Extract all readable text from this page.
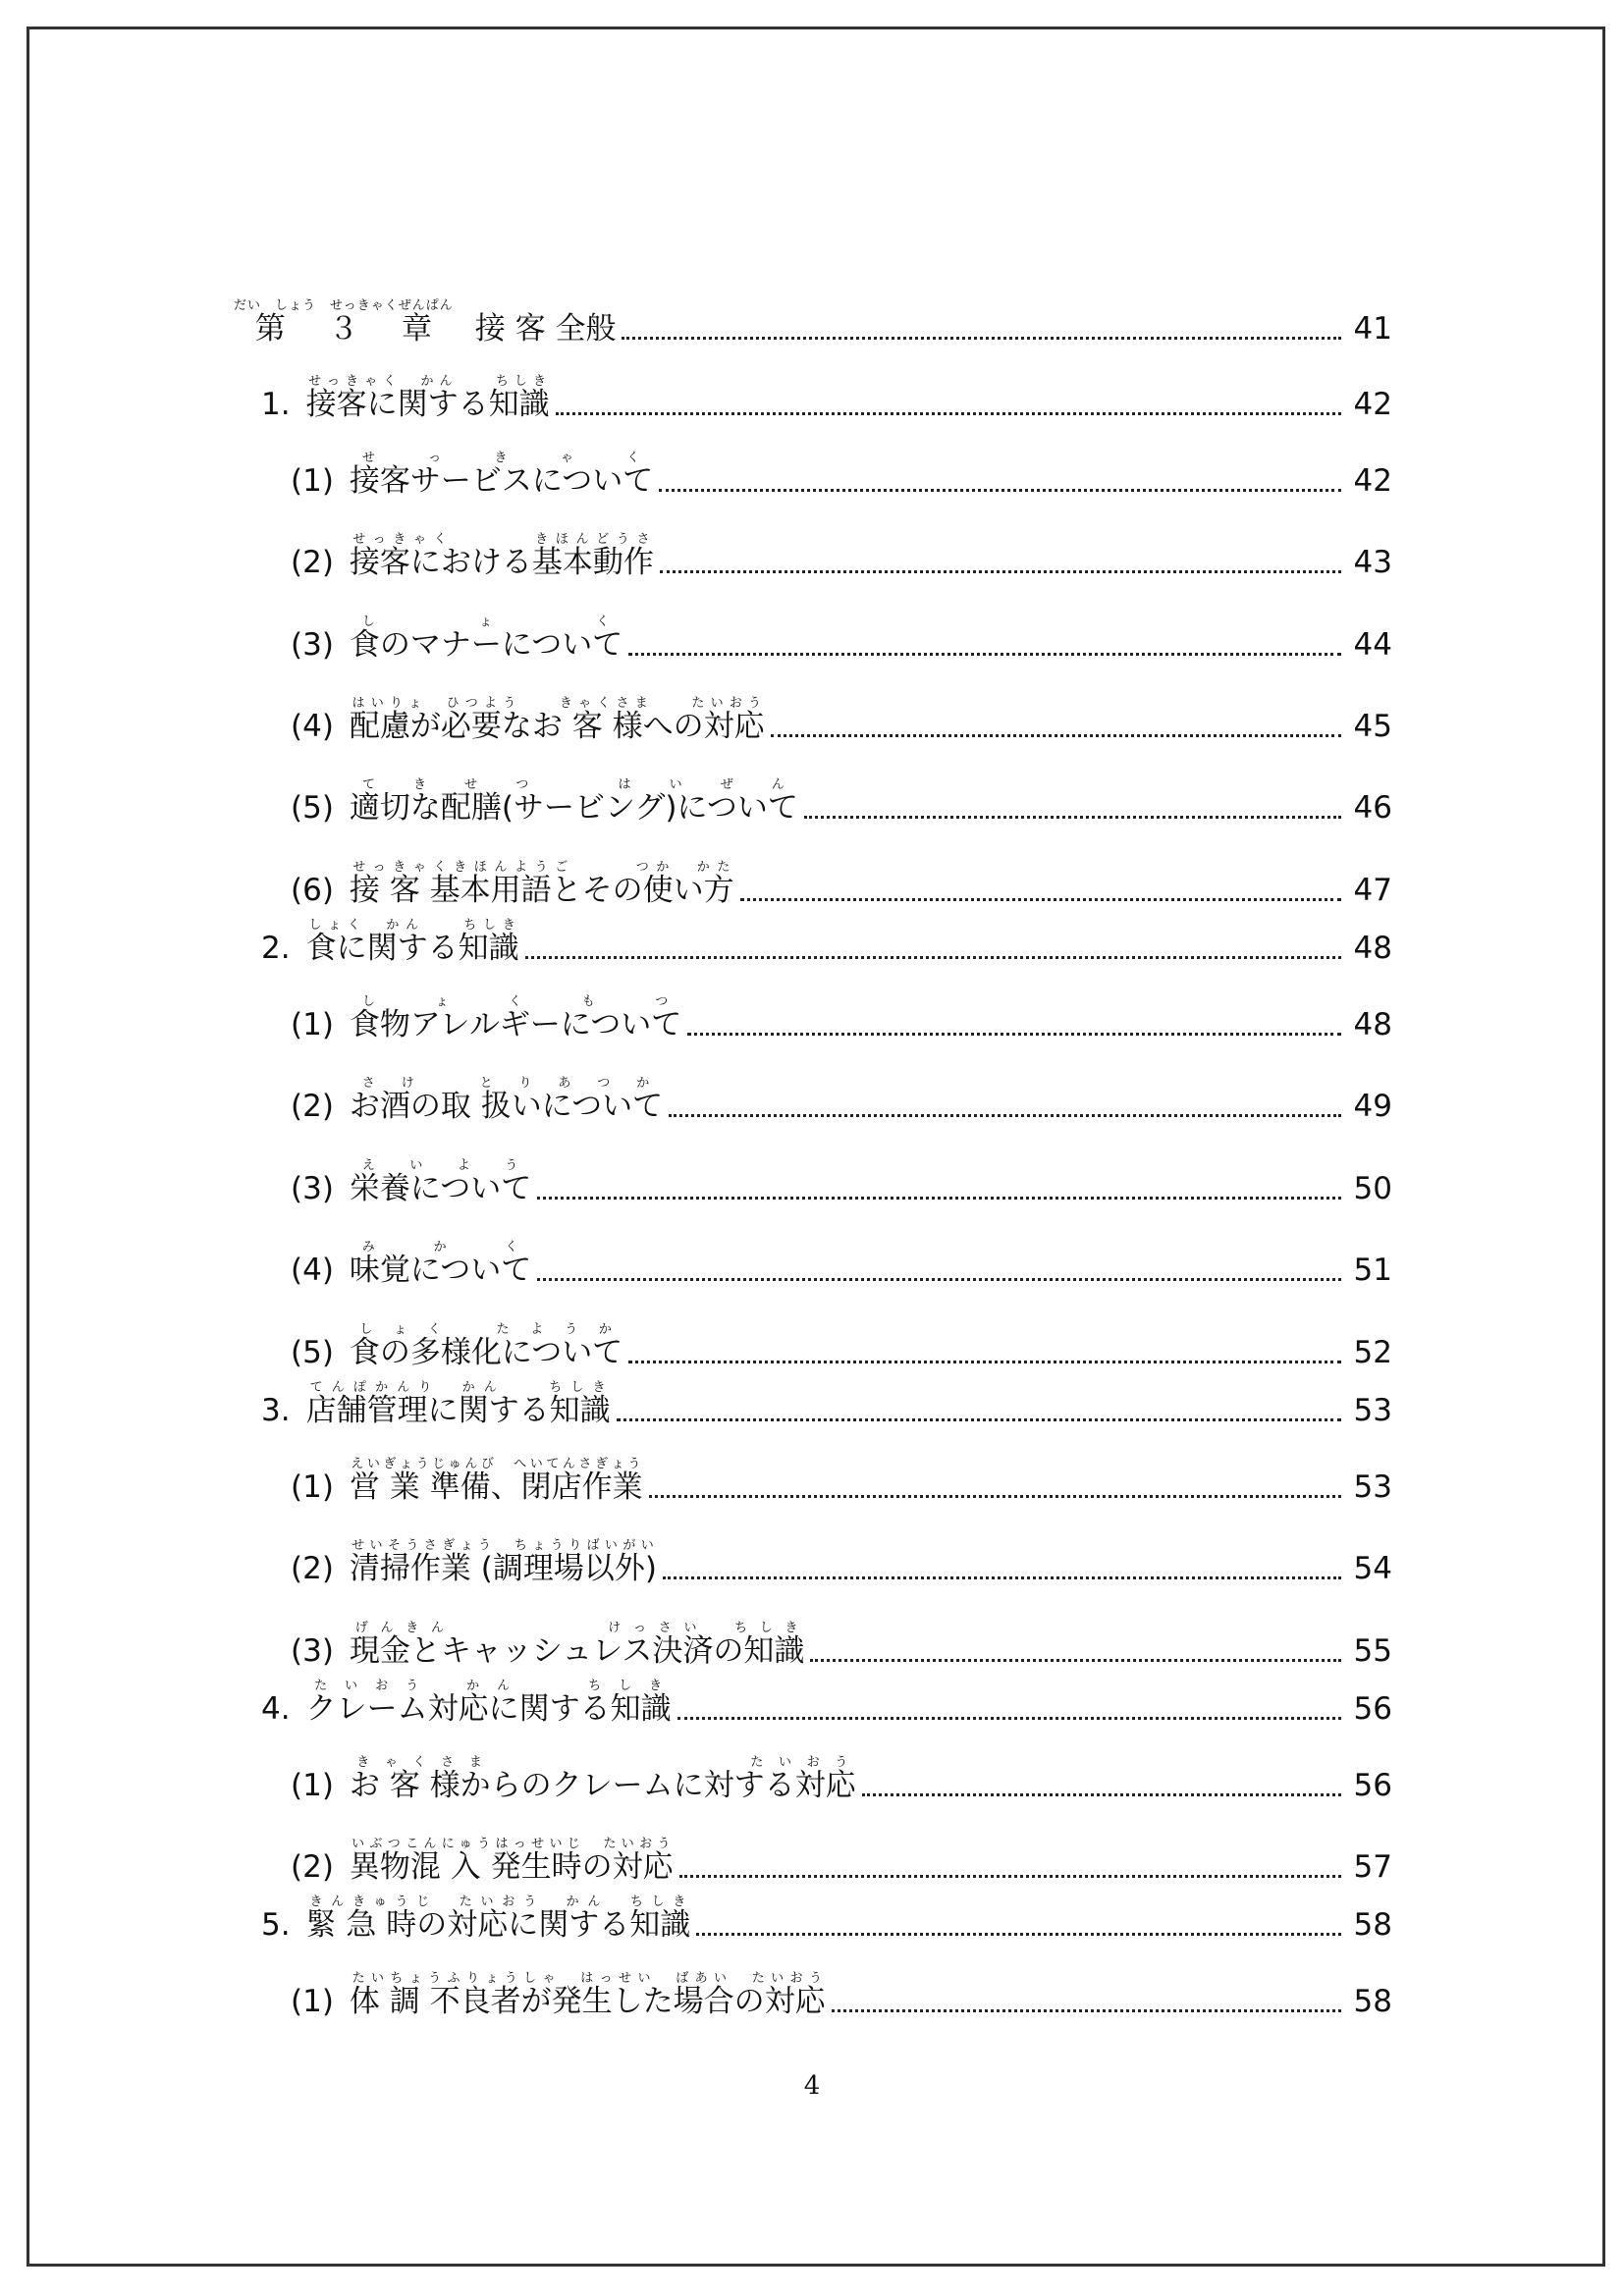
第３章だい　しょう　せっきゃくぜんぱん
接 客 全般	41
1. 接客に関する知識せっきゃく　かん　　ちしき
42
(1) 接客サービスについてせっきゃく
42
(2) 接客における基本動作せっきゃく　　　　きほんどうさ
43
(3) 食のマナーについてしょく
44
(4) 配慮が必要なお 客 様への対応はいりょ　ひつよう　　きゃくさま　　たいおう
45
(5) 適切な配膳(サービング)についててきせつ　はいぜん
46
(6) 接 客 基本用語とその使い方せっきゃくきほんようご　　　つか　かた
47
2. 食に関する知識しょく　かん　　ちしき
48
(1) 食物アレルギーについてしょくもつ
48
(2) お酒の取 扱いについてさけ　とりあつか
49
(3) 栄養についてえいよう
50
(4) 味覚についてみかく
51
(5) 食の多様化についてしょく　たようか
52
3. 店舗管理に関する知識てんぽかんり　かん　　ちしき
53
(1) 営 業 準備、閉店作業えいぎょうじゅんび　へいてんさぎょう
53
(2) 清掃作業 (調理場以外)せいそうさぎょう　ちょうりばいがい
54
(3) 現金とキャッシュレス決済の知識げんきん　　　　　　けっさい　ちしき
55
4. クレーム対応に関する知識たいおう　かん　　ちしき
56
(1) お 客 様からのクレームに対する対応きゃくさま　　　　　　　　　たいおう
56
(2) 異物混 入 発生時の対応いぶつこんにゅうはっせいじ　たいおう
57
5. 緊 急 時の対応に関する知識きんきゅうじ　たいおう　かん　ちしき
58
(1) 体 調 不良者が発生した場合の対応たいちょうふりょうしゃ　はっせい　ばあい　たいおう
58
4
